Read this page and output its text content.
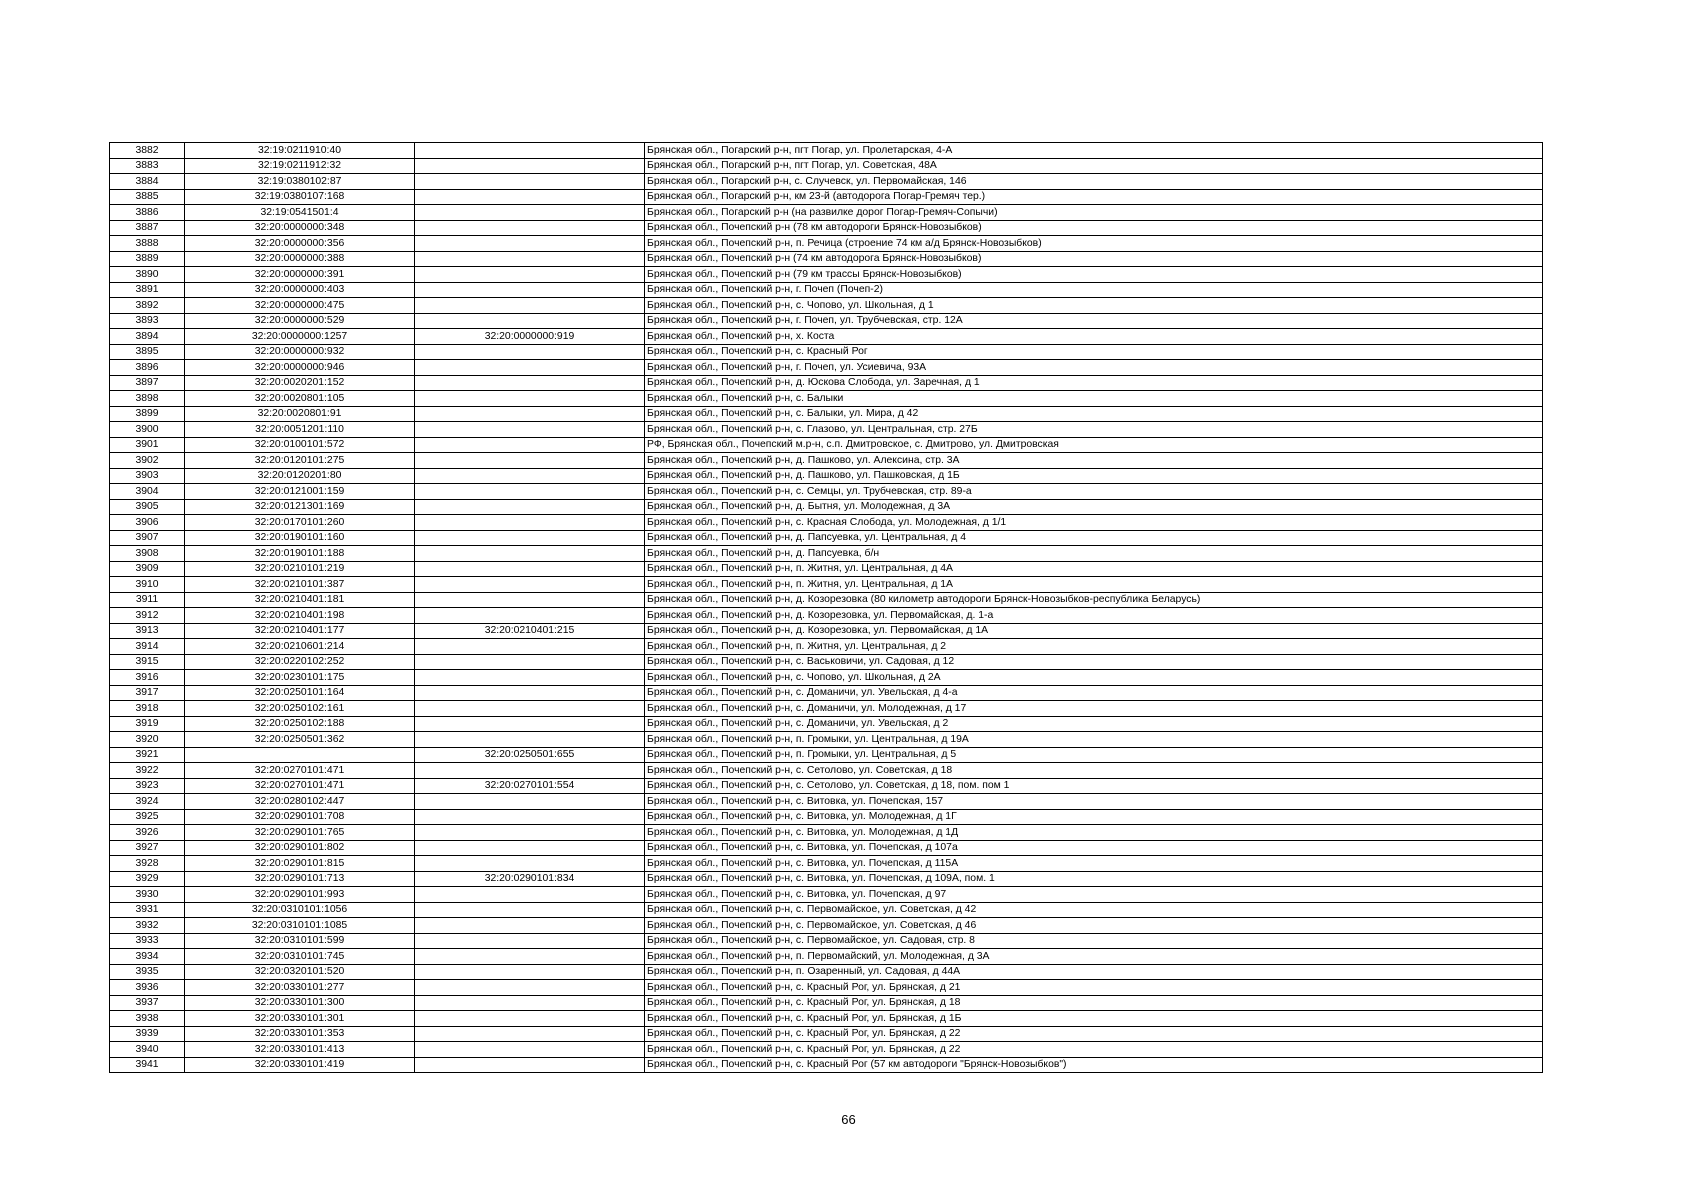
3882	32:19:0211910:40		Брянская обл., Погарский р-н, пгт Погар, ул. Пролетарская, 4-А
3883	32:19:0211912:32		Брянская обл., Погарский р-н, пгт Погар, ул. Советская, 48А
3884	32:19:0380102:87		Брянская обл., Погарский р-н, с. Случевск, ул. Первомайская, 146
3885	32:19:0380107:168		Брянская обл., Погарский р-н, км 23-й (автодорога Погар-Гремяч тер.)
3886	32:19:0541501:4		Брянская обл., Погарский р-н (на развилке дорог Погар-Гремяч-Сопычи)
3887	32:20:0000000:348		Брянская обл., Почепский р-н (78 км автодороги Брянск-Новозыбков)
3888	32:20:0000000:356		Брянская обл., Почепский р-н, п. Речица (строение 74 км а/д Брянск-Новозыбков)
3889	32:20:0000000:388		Брянская обл., Почепский р-н (74 км автодорога Брянск-Новозыбков)
3890	32:20:0000000:391		Брянская обл., Почепский р-н (79 км трассы Брянск-Новозыбков)
3891	32:20:0000000:403		Брянская обл., Почепский р-н, г. Почеп (Почеп-2)
3892	32:20:0000000:475		Брянская обл., Почепский р-н, с. Чопово, ул. Школьная, д 1
3893	32:20:0000000:529		Брянская обл., Почепский р-н, г. Почеп, ул. Трубчевская, стр. 12А
3894	32:20:0000000:1257	32:20:0000000:919	Брянская обл., Почепский р-н, х. Коста
3895	32:20:0000000:932		Брянская обл., Почепский р-н, с. Красный Рог
3896	32:20:0000000:946		Брянская обл., Почепский р-н, г. Почеп, ул. Усиевича, 93А
3897	32:20:0020201:152		Брянская обл., Почепский р-н, д. Юскова Слобода, ул. Заречная, д 1
3898	32:20:0020801:105		Брянская обл., Почепский р-н, с. Балыки
3899	32:20:0020801:91		Брянская обл., Почепский р-н, с. Балыки, ул. Мира, д 42
3900	32:20:0051201:110		Брянская обл., Почепский р-н, с. Глазово, ул. Центральная, стр. 27Б
3901	32:20:0100101:572		РФ, Брянская обл., Почепский м.р-н, с.п. Дмитровское, с. Дмитрово, ул. Дмитровская
3902	32:20:0120101:275		Брянская обл., Почепский р-н, д. Пашково, ул. Алексина, стр. 3А
3903	32:20:0120201:80		Брянская обл., Почепский р-н, д. Пашково, ул. Пашковская, д 1Б
3904	32:20:0121001:159		Брянская обл., Почепский р-н, с. Семцы, ул. Трубчевская, стр. 89-а
3905	32:20:0121301:169		Брянская обл., Почепский р-н, д. Бытня, ул. Молодежная, д 3А
3906	32:20:0170101:260		Брянская обл., Почепский р-н, с. Красная Слобода, ул. Молодежная, д 1/1
3907	32:20:0190101:160		Брянская обл., Почепский р-н, д. Папсуевка, ул. Центральная, д 4
3908	32:20:0190101:188		Брянская обл., Почепский р-н, д. Папсуевка, б/н
3909	32:20:0210101:219		Брянская обл., Почепский р-н, п. Житня, ул. Центральная, д 4А
3910	32:20:0210101:387		Брянская обл., Почепский р-н, п. Житня, ул. Центральная, д 1А
3911	32:20:0210401:181		Брянская обл., Почепский р-н, д. Козорезовка (80 километр автодороги Брянск-Новозыбков-республика Беларусь)
3912	32:20:0210401:198		Брянская обл., Почепский р-н, д. Козорезовка, ул. Первомайская, д. 1-а
3913	32:20:0210401:177	32:20:0210401:215	Брянская обл., Почепский р-н, д. Козорезовка, ул. Первомайская, д 1А
3914	32:20:0210601:214		Брянская обл., Почепский р-н, п. Житня, ул. Центральная, д 2
3915	32:20:0220102:252		Брянская обл., Почепский р-н, с. Васьковичи, ул. Садовая, д 12
3916	32:20:0230101:175		Брянская обл., Почепский р-н, с. Чопово, ул. Школьная, д 2А
3917	32:20:0250101:164		Брянская обл., Почепский р-н, с. Доманичи, ул. Увельская, д 4-а
3918	32:20:0250102:161		Брянская обл., Почепский р-н, с. Доманичи, ул. Молодежная, д 17
3919	32:20:0250102:188		Брянская обл., Почепский р-н, с. Доманичи, ул. Увельская, д 2
3920	32:20:0250501:362		Брянская обл., Почепский р-н, п. Громыки, ул. Центральная, д 19А
3921		32:20:0250501:655	Брянская обл., Почепский р-н, п. Громыки, ул. Центральная, д 5
3922	32:20:0270101:471		Брянская обл., Почепский р-н, с. Сетолово, ул. Советская, д 18
3923	32:20:0270101:471	32:20:0270101:554	Брянская обл., Почепский р-н, с. Сетолово, ул. Советская, д 18, пом. пом 1
3924	32:20:0280102:447		Брянская обл., Почепский р-н, с. Витовка, ул. Почепская, 157
3925	32:20:0290101:708		Брянская обл., Почепский р-н, с. Витовка, ул. Молодежная, д 1Г
3926	32:20:0290101:765		Брянская обл., Почепский р-н, с. Витовка, ул. Молодежная, д 1Д
3927	32:20:0290101:802		Брянская обл., Почепский р-н, с. Витовка, ул. Почепская, д 107а
3928	32:20:0290101:815		Брянская обл., Почепский р-н, с. Витовка, ул. Почепская, д 115А
3929	32:20:0290101:713	32:20:0290101:834	Брянская обл., Почепский р-н, с. Витовка, ул. Почепская, д 109А, пом. 1
3930	32:20:0290101:993		Брянская обл., Почепский р-н, с. Витовка, ул. Почепская, д 97
3931	32:20:0310101:1056		Брянская обл., Почепский р-н, с. Первомайское, ул. Советская, д 42
3932	32:20:0310101:1085		Брянская обл., Почепский р-н, с. Первомайское, ул. Советская, д 46
3933	32:20:0310101:599		Брянская обл., Почепский р-н, с. Первомайское, ул. Садовая, стр. 8
3934	32:20:0310101:745		Брянская обл., Почепский р-н, п. Первомайский, ул. Молодежная, д 3А
3935	32:20:0320101:520		Брянская обл., Почепский р-н, п. Озаренный, ул. Садовая, д 44А
3936	32:20:0330101:277		Брянская обл., Почепский р-н, с. Красный Рог, ул. Брянская, д 21
3937	32:20:0330101:300		Брянская обл., Почепский р-н, с. Красный Рог, ул. Брянская, д 18
3938	32:20:0330101:301		Брянская обл., Почепский р-н, с. Красный Рог, ул. Брянская, д 1Б
3939	32:20:0330101:353		Брянская обл., Почепский р-н, с. Красный Рог, ул. Брянская, д 22
3940	32:20:0330101:413		Брянская обл., Почепский р-н, с. Красный Рог, ул. Брянская, д 22
3941	32:20:0330101:419		Брянская обл., Почепский р-н, с. Красный Рог (57 км автодороги "Брянск-Новозыбков")
66
